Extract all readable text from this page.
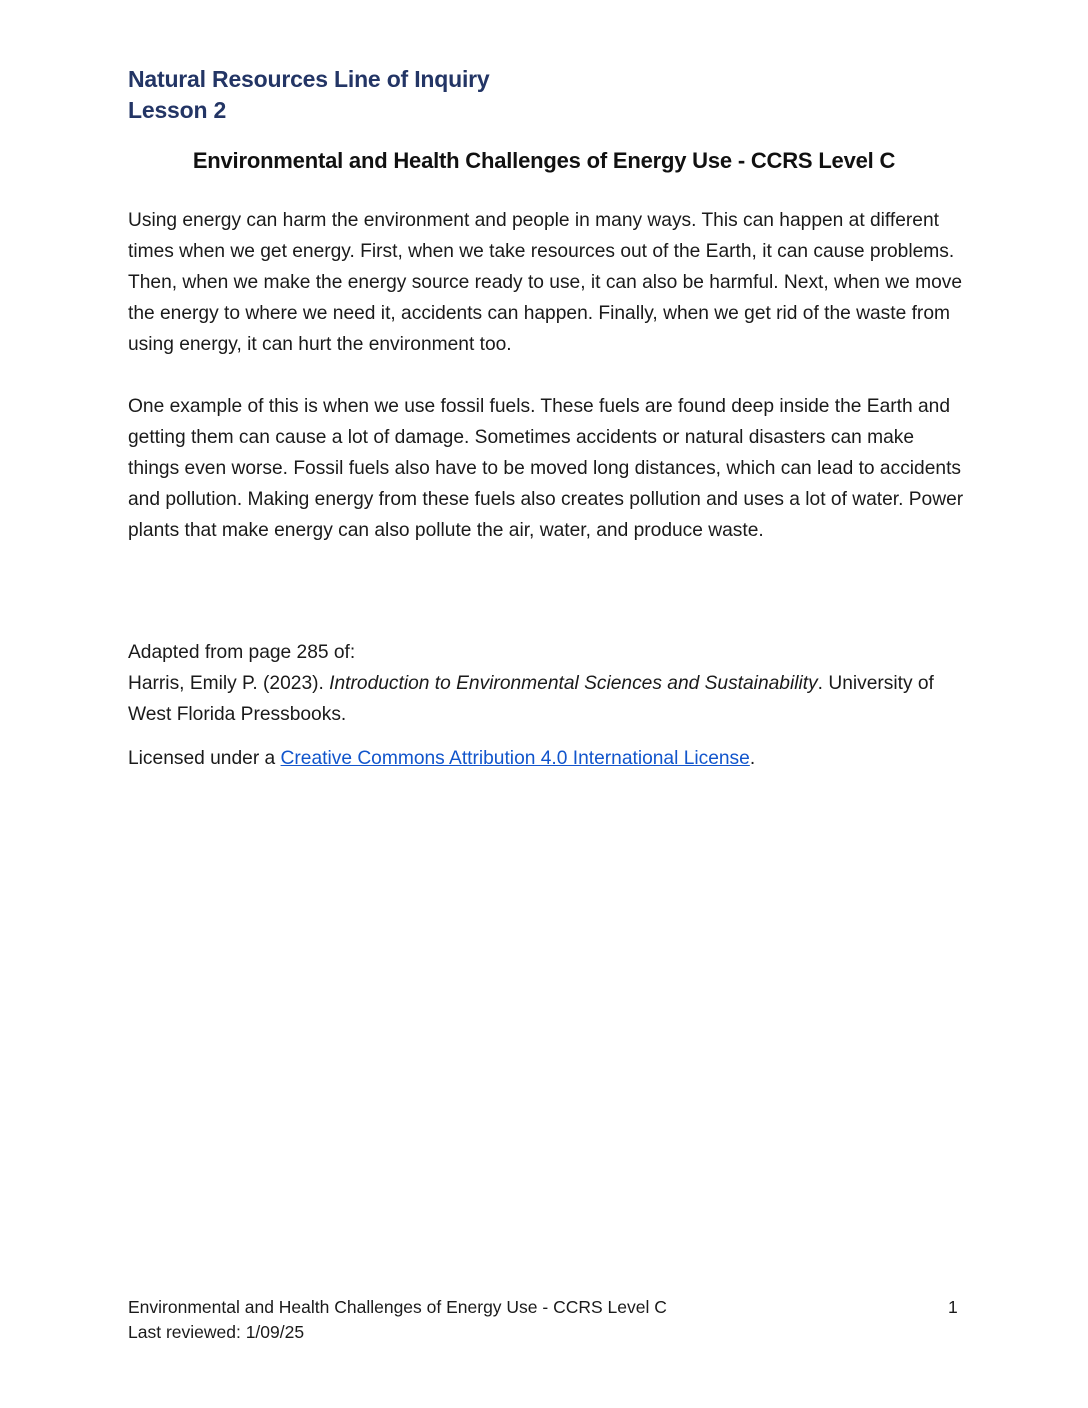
Natural Resources Line of Inquiry
Lesson 2
Environmental and Health Challenges of Energy Use - CCRS Level C

Using energy can harm the environment and people in many ways. This can happen at different times when we get energy. First, when we take resources out of the Earth, it can cause problems. Then, when we make the energy source ready to use, it can also be harmful. Next, when we move the energy to where we need it, accidents can happen. Finally, when we get rid of the waste from using energy, it can hurt the environment too.

One example of this is when we use fossil fuels. These fuels are found deep inside the Earth and getting them can cause a lot of damage. Sometimes accidents or natural disasters can make things even worse. Fossil fuels also have to be moved long distances, which can lead to accidents and pollution. Making energy from these fuels also creates pollution and uses a lot of water. Power plants that make energy can also pollute the air, water, and produce waste.

Adapted from page 285 of:
Harris, Emily P. (2023). Introduction to Environmental Sciences and Sustainability. University of West Florida Pressbooks.

Licensed under a Creative Commons Attribution 4.0 International License.

Environmental and Health Challenges of Energy Use - CCRS Level C
Last reviewed: 1/09/25
1
